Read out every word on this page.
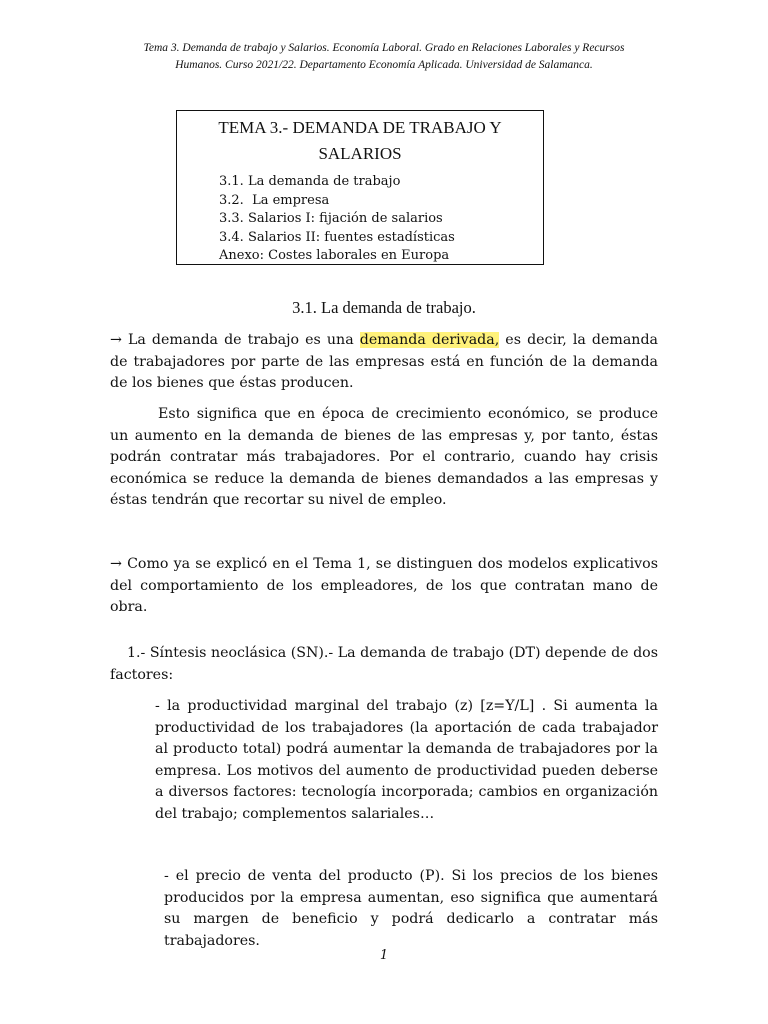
Tema 3. Demanda de trabajo y Salarios. Economía Laboral. Grado en Relaciones Laborales y Recursos
Humanos. Curso 2021/22. Departamento Economía Aplicada. Universidad de Salamanca.
TEMA 3.- DEMANDA DE TRABAJO Y
SALARIOS
3.1. La demanda de trabajo
3.2.  La empresa
3.3. Salarios I: fijación de salarios
3.4. Salarios II: fuentes estadísticas
Anexo: Costes laborales en Europa
3.1. La demanda de trabajo.
→ La demanda de trabajo es una demanda derivada, es decir, la demanda de trabajadores por parte de las empresas está en función de la demanda de los bienes que éstas producen.
Esto significa que en época de crecimiento económico, se produce un aumento en la demanda de bienes de las empresas y, por tanto, éstas podrán contratar más trabajadores. Por el contrario, cuando hay crisis económica se reduce la demanda de bienes demandados a las empresas y éstas tendrán que recortar su nivel de empleo.
→ Como ya se explicó en el Tema 1, se distinguen dos modelos explicativos del comportamiento de los empleadores, de los que contratan mano de obra.
1.- Síntesis neoclásica (SN).- La demanda de trabajo (DT) depende de dos factores:
- la productividad marginal del trabajo (z) [z=Y/L] . Si aumenta la productividad de los trabajadores (la aportación de cada trabajador al producto total) podrá aumentar la demanda de trabajadores por la empresa. Los motivos del aumento de productividad pueden deberse a diversos factores: tecnología incorporada; cambios en organización del trabajo; complementos salariales…
- el precio de venta del producto (P). Si los precios de los bienes producidos por la empresa aumentan, eso significa que aumentará su margen de beneficio y podrá dedicarlo a contratar más trabajadores.
1
